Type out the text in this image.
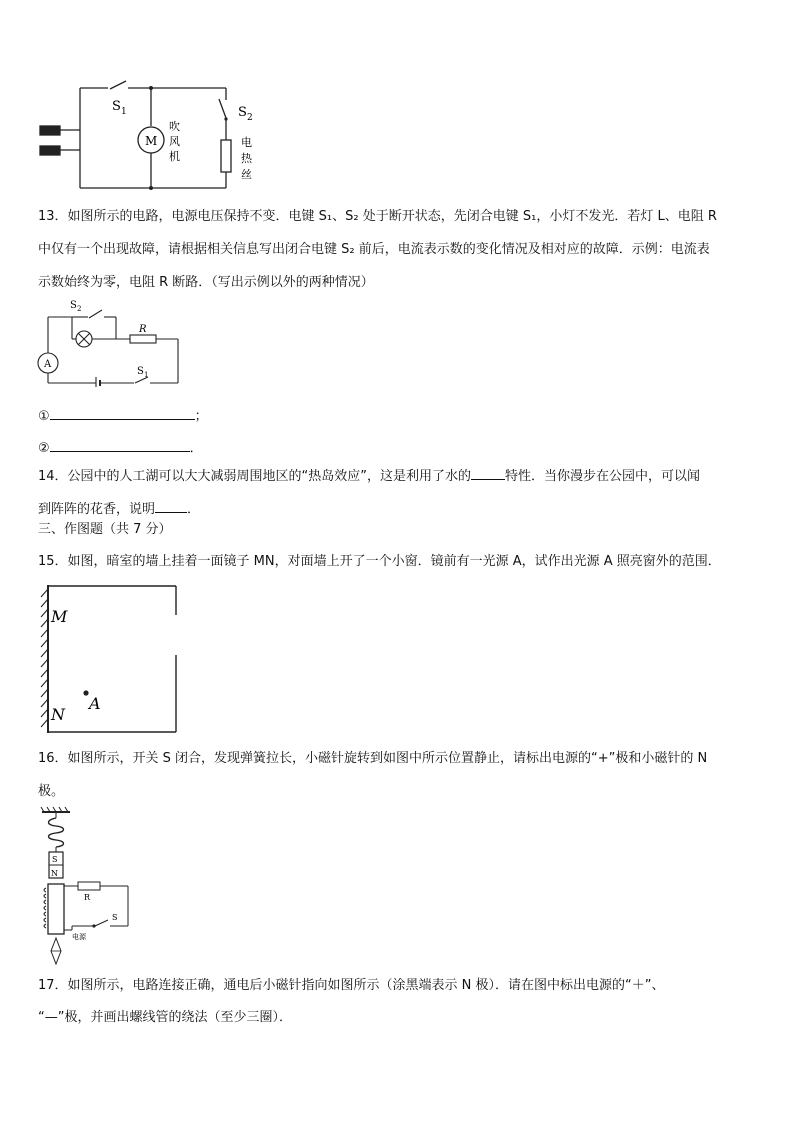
S 1	S 2
M
吹
风
机
电
热
丝

13．如图所示的电路，电源电压保持不变．电键 S₁、S₂ 处于断开状态，先闭合电键 S₁，小灯不发光．若灯 L、电阻 R

中仅有一个出现故障，请根据相关信息写出闭合电键 S₂ 前后，电流表示数的变化情况及相对应的故障．示例：电流表

示数始终为零，电阻 R 断路．（写出示例以外的两种情况）

S 2
R
A
S 1
①	；
②	．

14．公园中的人工湖可以大大减弱周围地区的“热岛效应”，这是利用了水的	特性．当你漫步在公园中，可以闻

到阵阵的花香，说明 ．

三、作图题（共 7 分）

15．如图，暗室的墙上挂着一面镜子 MN，对面墙上开了一个小窗．镜前有一光源 A，试作出光源 A 照亮窗外的范围．

M
N
A

16．如图所示，开关 S 闭合，发现弹簧拉长，小磁针旋转到如图中所示位置静止，请标出电源的“+”极和小磁针的 N

极。

S
N
R
S
电源

17．如图所示，电路连接正确，通电后小磁针指向如图所示（涂黑端表示 N 极）．请在图中标出电源的“＋”、

“—”极，并画出螺线管的绕法（至少三圈）．
